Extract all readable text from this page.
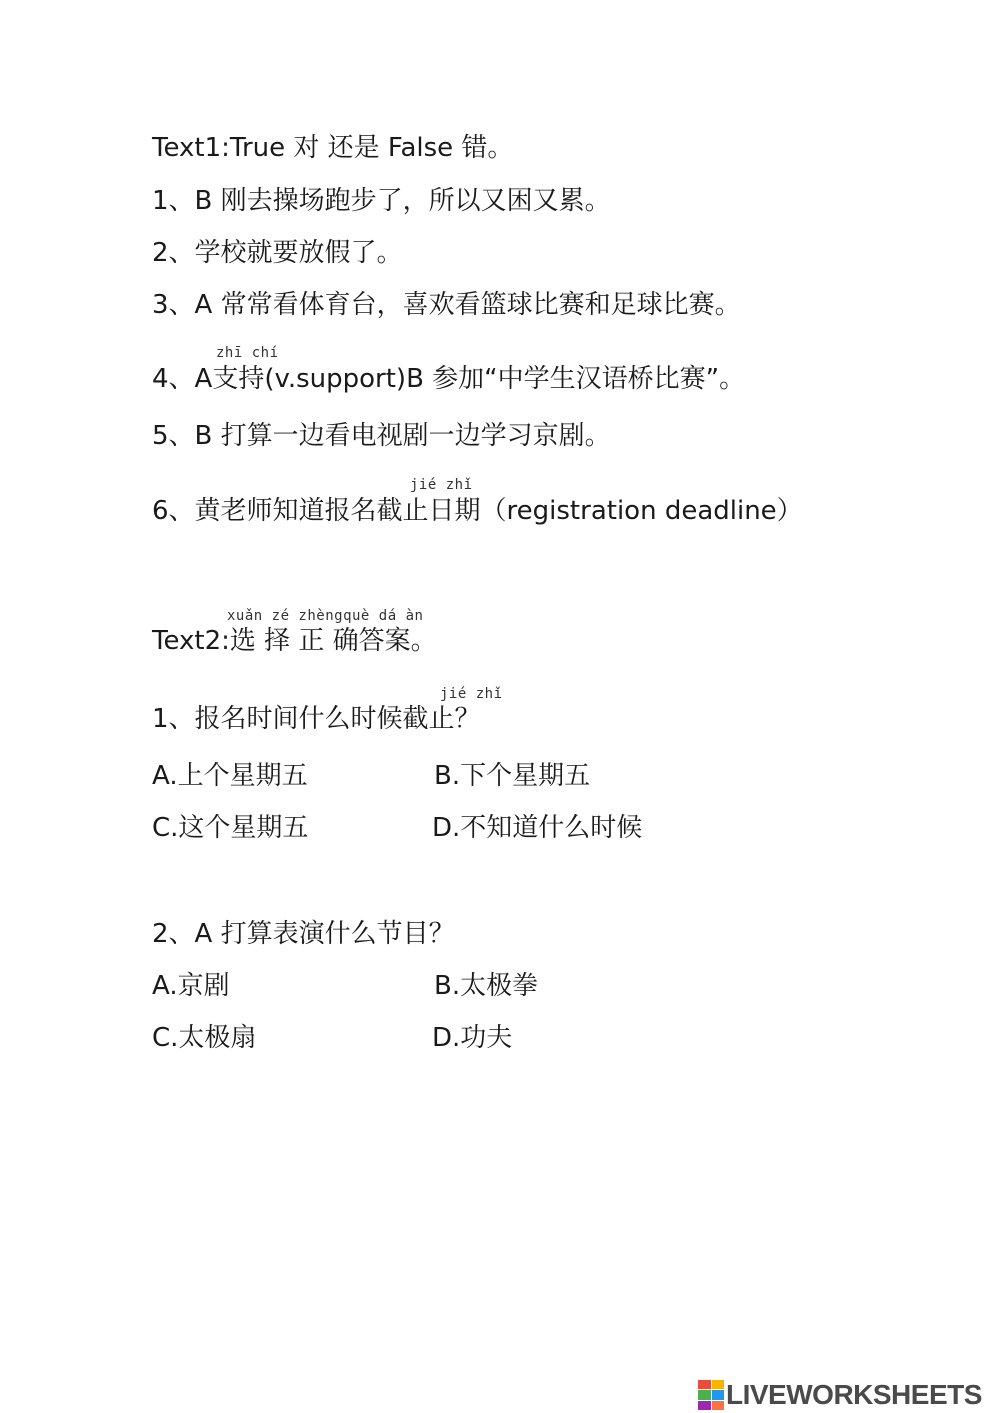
Text1:True 对 还是 False 错。
1、B 刚去操场跑步了，所以又困又累。
2、学校就要放假了。
3、A 常常看体育台，喜欢看篮球比赛和足球比赛。
zhī chí
4、A支持(v.support)B 参加“中学生汉语桥比赛”。
5、B 打算一边看电视剧一边学习京剧。
jié zhǐ
6、黄老师知道报名截止日期（registration deadline）
xuǎn zé zhèngquè dá àn
Text2:选 择 正 确答案。
jié zhǐ
1、报名时间什么时候截止？
A.上个星期五	B.下个星期五
C.这个星期五	D.不知道什么时候
2、A 打算表演什么节目？
A.京剧	B.太极拳
C.太极扇	D.功夫
LIVEWORKSHEETS
